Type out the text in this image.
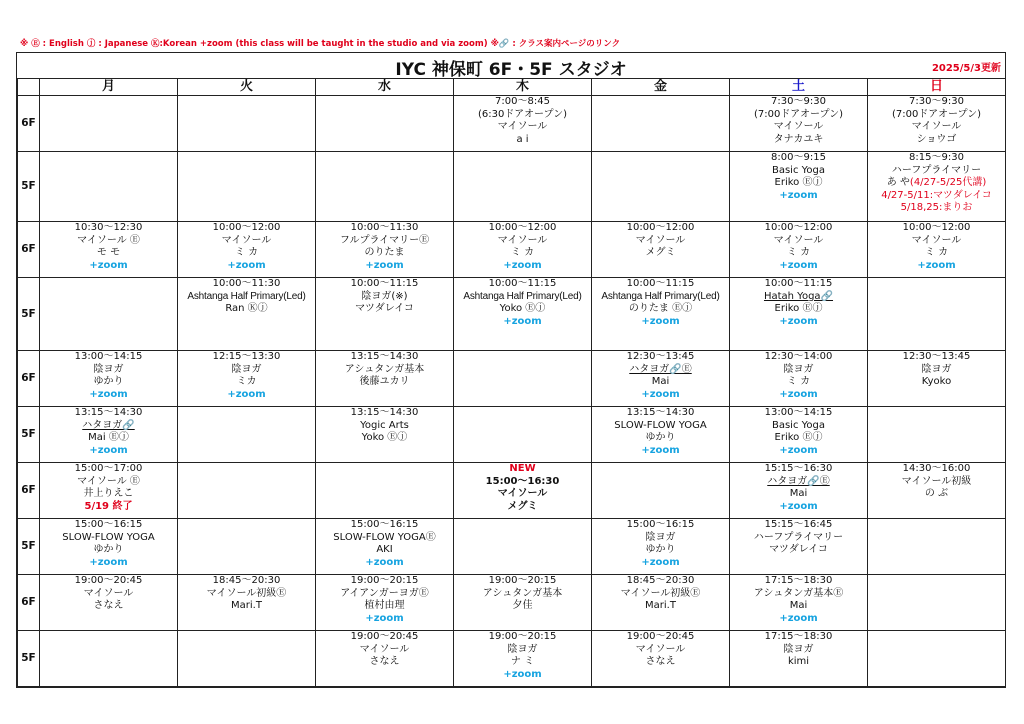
※ Ⓔ : English ⓙ : Japanese Ⓚ:Korean +zoom (this class will be taught in the studio and via zoom) ※🔗 : クラス案内ページのリンク
IYC 神保町 6F・5F スタジオ	2025/5/3更新
	月	火	水	木	金	土	日
6F				7:00〜8:45
(6:30ドアオープン)
マイソール
a i		7:30〜9:30
(7:00ドアオープン)
マイソール
タナカユキ	7:30〜9:30
(7:00ドアオープン)
マイソール
ショウゴ

5F						8:00〜9:15
Basic Yoga
Eriko Ⓔⓙ
+zoom	8:15〜9:30
ハーフプライマリー
あ や(4/27-5/25代講)
4/27-5/11:マツダレイコ
5/18,25:まりお

6F	10:30〜12:30
マイソール Ⓔ
モ モ
+zoom	10:00〜12:00
マイソール
ミ カ
+zoom	10:00〜11:30
フルプライマリーⒺ
のりたま
+zoom	10:00〜12:00
マイソール
ミ カ
+zoom	10:00〜12:00
マイソール
メグミ	10:00〜12:00
マイソール
ミ カ
+zoom	10:00〜12:00
マイソール
ミ カ
+zoom

5F		10:00〜11:30
Ashtanga Half Primary(Led)
Ran Ⓚⓙ	10:00〜11:15
陰ヨガ(※)
マツダレイコ	10:00〜11:15
Ashtanga Half Primary(Led)
Yoko Ⓔⓙ
+zoom	10:00〜11:15
Ashtanga Half Primary(Led)
のりたま Ⓔⓙ
+zoom	10:00〜11:15
Hatah Yoga🔗
Eriko Ⓔⓙ
+zoom	

6F	13:00〜14:15
陰ヨガ
ゆかり
+zoom	12:15〜13:30
陰ヨガ
ミカ
+zoom	13:15〜14:30
アシュタンガ基本
後藤ユカリ		12:30〜13:45
ハタヨガ🔗Ⓔ
Mai
+zoom	12:30〜14:00
陰ヨガ
ミ カ
+zoom	12:30〜13:45
陰ヨガ
Kyoko

5F	13:15〜14:30
ハタヨガ🔗
Mai Ⓔⓙ
+zoom		13:15〜14:30
Yogic Arts
Yoko Ⓔⓙ		13:15〜14:30
SLOW-FLOW YOGA
ゆかり
+zoom	13:00〜14:15
Basic Yoga
Eriko Ⓔⓙ
+zoom	

6F	15:00〜17:00
マイソール Ⓔ
井上りえこ
5/19 終了			NEW
15:00〜16:30
マイソール
メグミ		15:15〜16:30
ハタヨガ🔗Ⓔ
Mai
+zoom	14:30〜16:00
マイソール初級
の ぶ

5F	15:00〜16:15
SLOW-FLOW YOGA
ゆかり
+zoom		15:00〜16:15
SLOW-FLOW YOGAⒺ
AKI
+zoom		15:00〜16:15
陰ヨガ
ゆかり
+zoom	15:15〜16:45
ハーフプライマリー
マツダレイコ	

6F	19:00〜20:45
マイソール
さなえ	18:45〜20:30
マイソール初級Ⓔ
Mari.T	19:00〜20:15
アイアンガーヨガⒺ
植村由理
+zoom	19:00〜20:15
アシュタンガ基本
夕佳	18:45〜20:30
マイソール初級Ⓔ
Mari.T	17:15〜18:30
アシュタンガ基本Ⓔ
Mai
+zoom	

5F			19:00〜20:45
マイソール
さなえ	19:00〜20:15
陰ヨガ
ナ ミ
+zoom	19:00〜20:45
マイソール
さなえ	17:15〜18:30
陰ヨガ
kimi	
